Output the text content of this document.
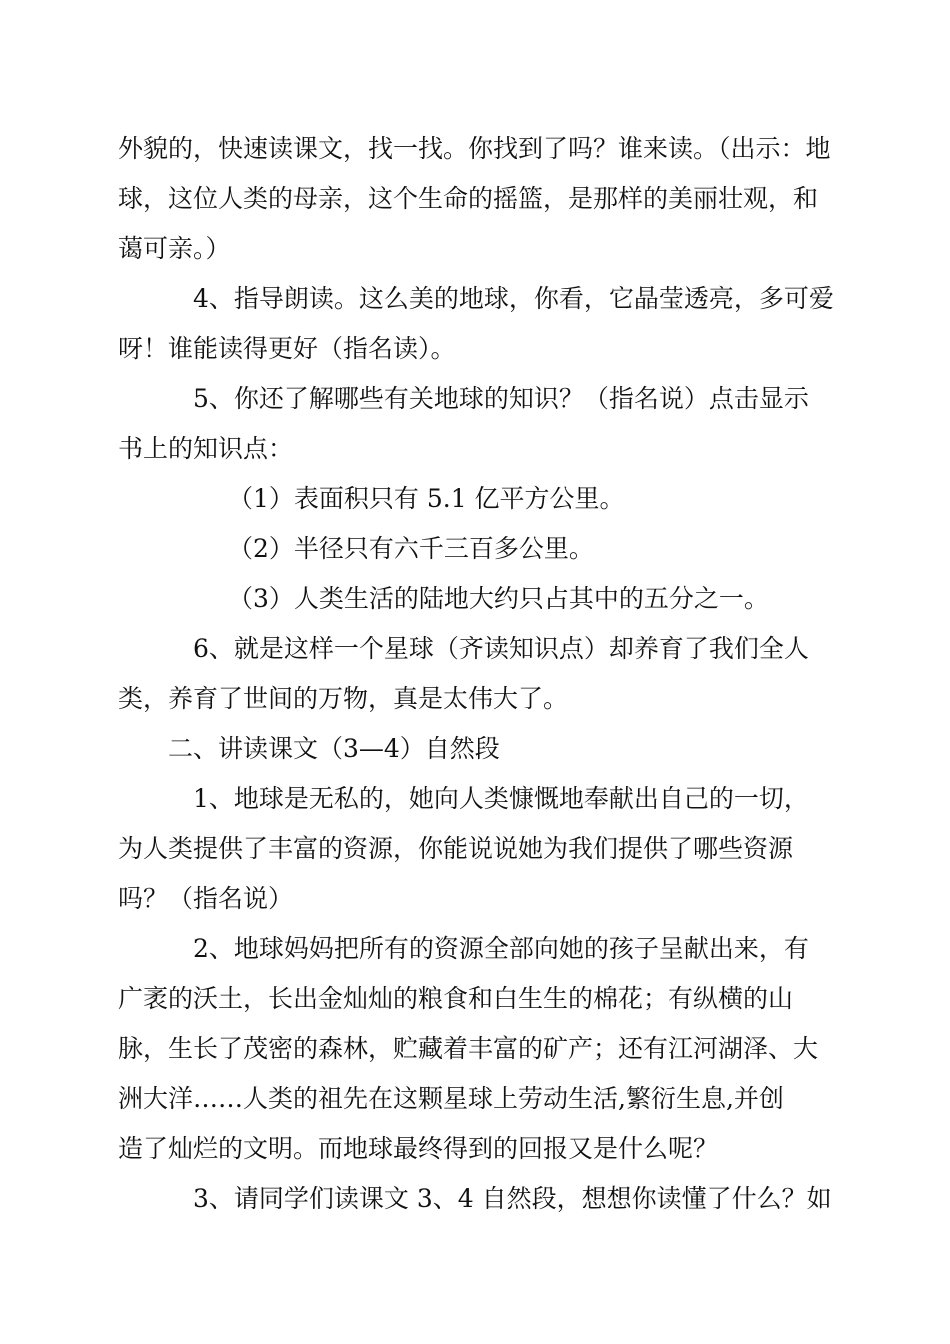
外貌的，快速读课文，找一找。你找到了吗？谁来读。（出示：地
球，这位人类的母亲，这个生命的摇篮，是那样的美丽壮观，和
蔼可亲。）
4、指导朗读。这么美的地球，你看，它晶莹透亮，多可爱
呀！谁能读得更好（指名读）。
5、你还了解哪些有关地球的知识？（指名说）点击显示
书上的知识点：
（1）表面积只有 5.1 亿平方公里。
（2）半径只有六千三百多公里。
（3）人类生活的陆地大约只占其中的五分之一。
6、就是这样一个星球（齐读知识点）却养育了我们全人
类，养育了世间的万物，真是太伟大了。
二、讲读课文（3—4）自然段
1、地球是无私的，她向人类慷慨地奉献出自己的一切，
为人类提供了丰富的资源，你能说说她为我们提供了哪些资源
吗？（指名说）
2、地球妈妈把所有的资源全部向她的孩子呈献出来，有
广袤的沃土，长出金灿灿的粮食和白生生的棉花；有纵横的山
脉，生长了茂密的森林，贮藏着丰富的矿产；还有江河湖泽、大
洲大洋……人类的祖先在这颗星球上劳动生活,繁衍生息,并创
造了灿烂的文明。而地球最终得到的回报又是什么呢？
3、请同学们读课文 3、4 自然段，想想你读懂了什么？如
